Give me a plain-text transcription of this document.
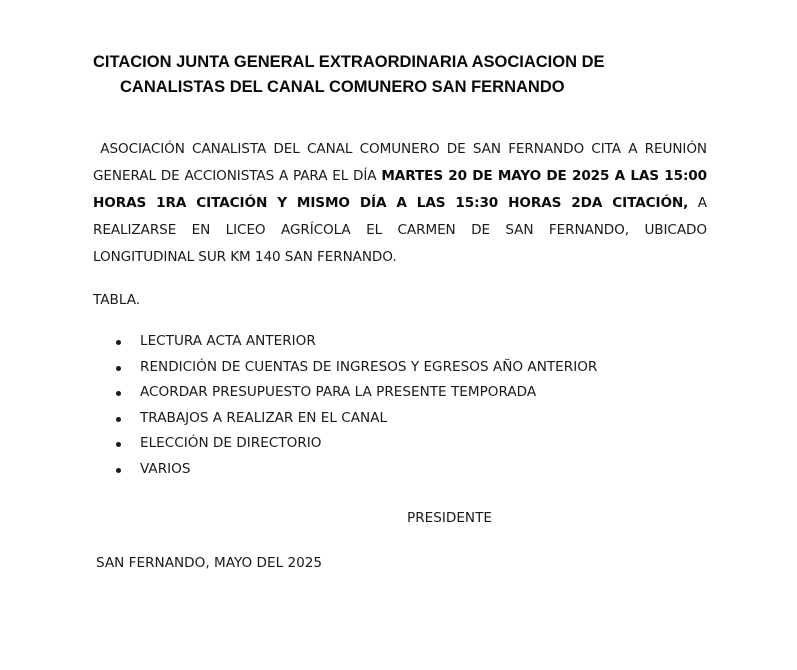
CITACION JUNTA GENERAL EXTRAORDINARIA ASOCIACION DE
CANALISTAS DEL CANAL COMUNERO SAN FERNANDO

ASOCIACIÓN CANALISTA DEL CANAL COMUNERO DE SAN FERNANDO CITA A REUNIÓN GENERAL DE ACCIONISTAS A PARA EL DÍA MARTES 20 DE MAYO DE 2025 A LAS 15:00 HORAS 1RA CITACIÓN Y MISMO DÍA A LAS 15:30 HORAS 2DA CITACIÓN, A REALIZARSE EN LICEO AGRÍCOLA EL CARMEN DE SAN FERNANDO, UBICADO LONGITUDINAL SUR KM 140 SAN FERNANDO.

TABLA.
LECTURA ACTA ANTERIOR
RENDICIÓN DE CUENTAS DE INGRESOS Y EGRESOS AÑO ANTERIOR
ACORDAR PRESUPUESTO PARA LA PRESENTE TEMPORADA
TRABAJOS A REALIZAR EN EL CANAL
ELECCIÓN DE DIRECTORIO
VARIOS
PRESIDENTE
SAN FERNANDO, MAYO DEL 2025
